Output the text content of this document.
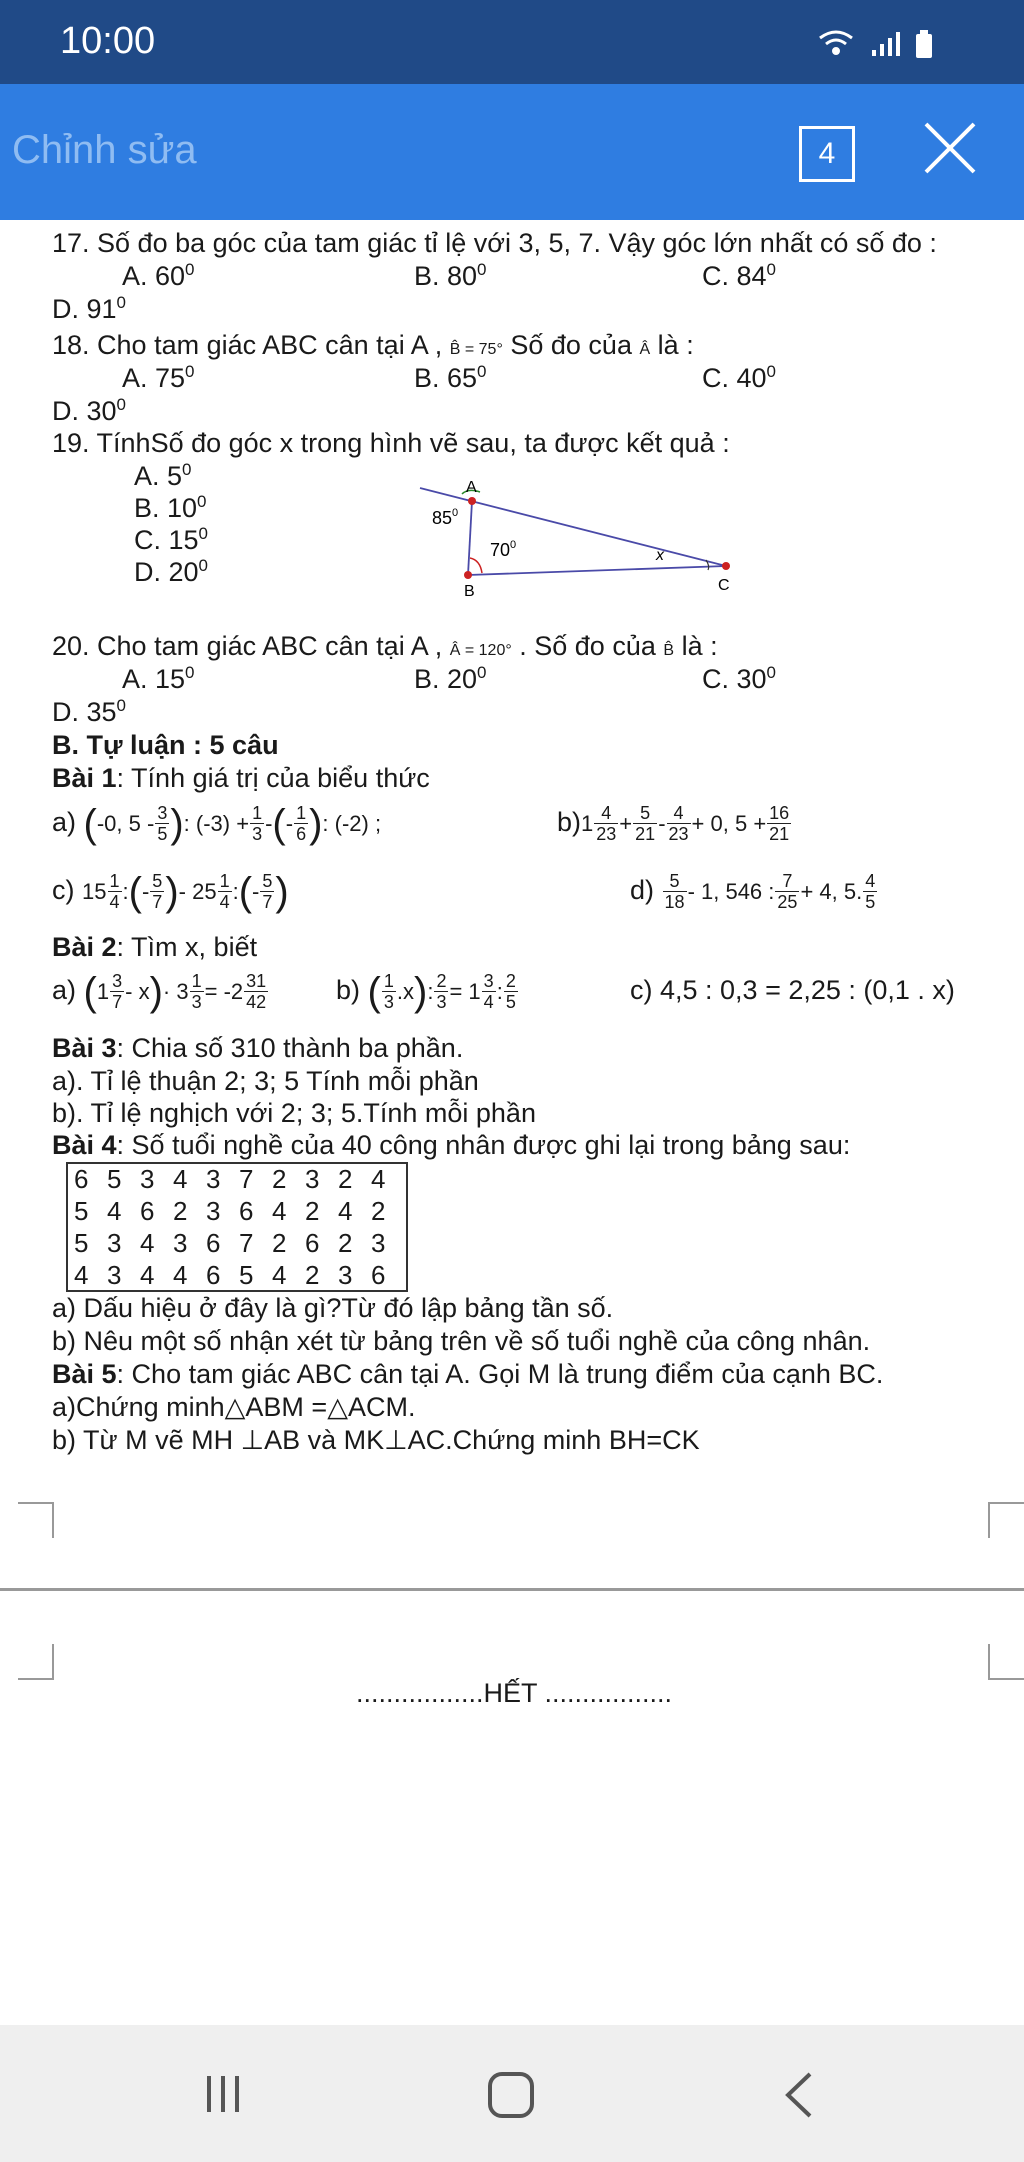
10:00
Chỉnh sửa	4
17. Số đo ba góc của tam giác tỉ lệ với 3, 5, 7. Vậy góc lớn nhất có số đo :
A. $60^0$	B. $80^0$	C. $84^0$
D. $91^0$
18. Cho tam giác ABC cân tại A , B̂ = 75° Số đo của Â là :
A. $75^0$	B. $65^0$	C. $40^0$
D. $30^0$
19. TínhSố đo góc x trong hình vẽ sau, ta được kết quả :
A. $5^0$
B. $10^0$
C. $15^0$
D. $20^0$
A
B	C
$85^0$
$70^0$
x
20. Cho tam giác ABC cân tại A , Â = 120° . Số đo của B̂ là :
A. $15^0$	B. $20^0$	C. $30^0$
D. $35^0$
B. Tự luận : 5 câu
Bài 1: Tính giá trị của biểu thức
a) (-0, $5 - \frac{3}{5}$ ): $(-3) + \frac{1}{3}$ -(- $\frac{1}{6}$ ): (-2) ;	$b)1 \frac{4}{23} + \frac{5}{21} - \frac{4}{23} + 0$, $5 + \frac{16}{21}$
c) $15 \frac{1}{4}$ :(- $\frac{5}{7}$ )- $25 \frac{1}{4}$ :(- $\frac{5}{7}$ )	$d) \frac{5}{18} - 1$, 546 : $\frac{7}{25} + 4$, 5. $\frac{4}{5}$
Bài 2: Tìm x, biết
a) $(1 \frac{3}{7} - x)\cdot 3 \frac{1}{3} = -2 \frac{31}{42}$	b) ( $\frac{1}{3} .x$): $\frac{2}{3} = 1 \frac{3}{4}$ : $\frac{2}{5}$	c) 4,5 : 0,3 = 2,25 : (0,1 . x)
Bài 3: Chia số 310 thành ba phần.
a). Tỉ lệ thuận 2; 3; 5 Tính mỗi phần
b). Tỉ lệ nghịch với 2; 3; 5.Tính mỗi phần
Bài 4: Số tuổi nghề của 40 công nhân được ghi lại trong bảng sau:
6 5 3 4 3 7 2 3 2 4
5 4 6 2 3 6 4 2 4 2
5 3 4 3 6 7 2 6 2 3
4 3 4 4 6 5 4 2 3 6
a) Dấu hiệu ở đây là gì?Từ đó lập bảng tần số.
b) Nêu một số nhận xét từ bảng trên về số tuổi nghề của công nhân.
Bài 5: Cho tam giác ABC cân tại A. Gọi M là trung điểm của cạnh BC.
a)Chứng minh△ABM =△ACM.
b) Từ M vẽ MH ⊥AB và MK⊥AC.Chứng minh BH=CK
.................HẾT .................
